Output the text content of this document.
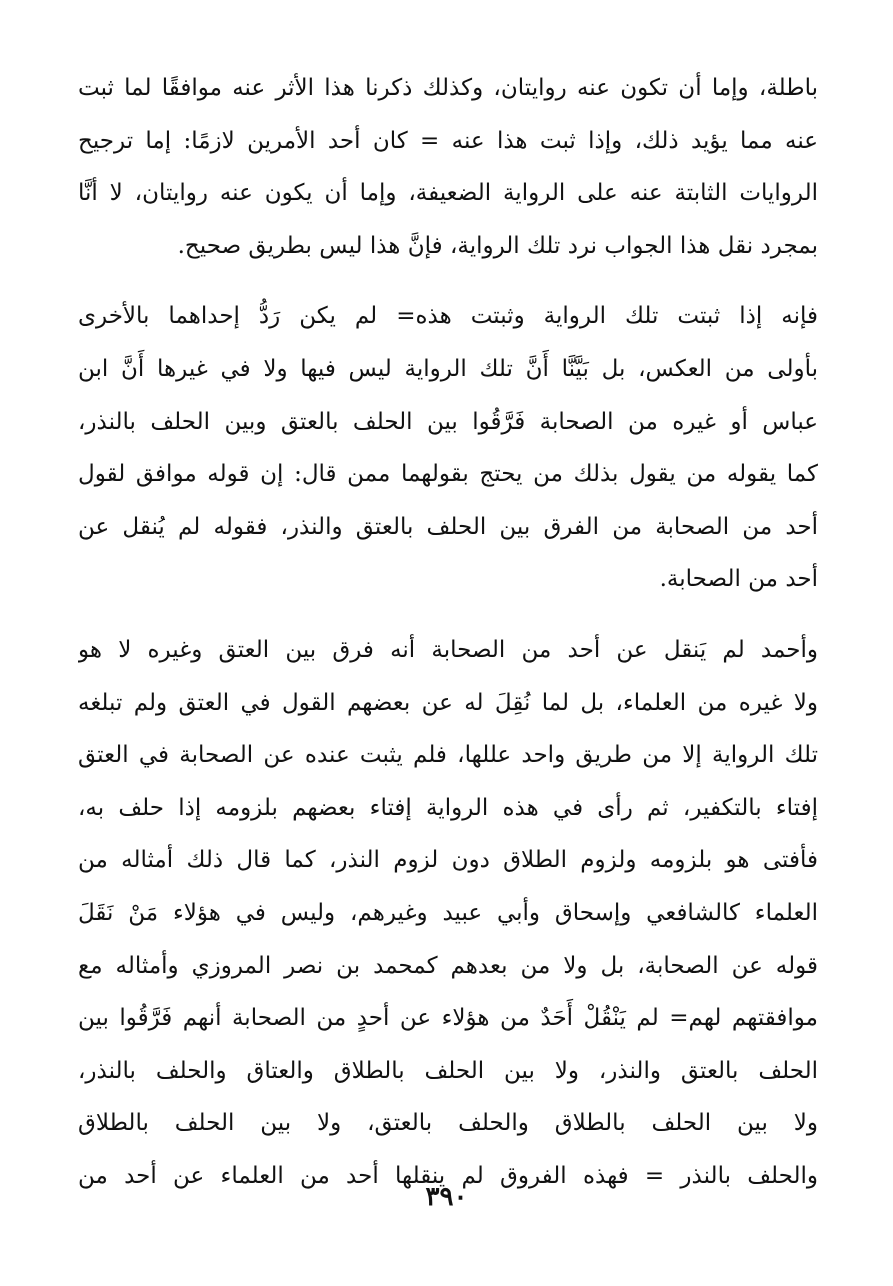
باطلة، وإما أن تكون عنه روايتان، وكذلك ذكرنا هذا الأثر عنه موافقًا لما ثبت
عنه مما يؤيد ذلك، وإذا ثبت هذا عنه = كان أحد الأمرين لازمًا: إما ترجيح
الروايات الثابتة عنه على الرواية الضعيفة، وإما أن يكون عنه روايتان، لا أنَّا
بمجرد نقل هذا الجواب نرد تلك الرواية، فإنَّ هذا ليس بطريق صحيح.
فإنه إذا ثبتت تلك الرواية وثبتت هذه= لم يكن رَدُّ إحداهما بالأخرى
بأولى من العكس، بل بَيَّنَّا أَنَّ تلك الرواية ليس فيها ولا في غيرها أَنَّ ابن
عباس أو غيره من الصحابة فَرَّقُوا بين الحلف بالعتق وبين الحلف بالنذر،
كما يقوله من يقول بذلك من يحتج بقولهما ممن قال: إن قوله موافق لقول
أحد من الصحابة من الفرق بين الحلف بالعتق والنذر، فقوله لم يُنقل عن
أحد من الصحابة.
وأحمد لم يَنقل عن أحد من الصحابة أنه فرق بين العتق وغيره لا هو
ولا غيره من العلماء، بل لما نُقِلَ له عن بعضهم القول في العتق ولم تبلغه
تلك الرواية إلا من طريق واحد عللها، فلم يثبت عنده عن الصحابة في العتق
إفتاء بالتكفير، ثم رأى في هذه الرواية إفتاء بعضهم بلزومه إذا حلف به،
فأفتى هو بلزومه ولزوم الطلاق دون لزوم النذر، كما قال ذلك أمثاله من
العلماء كالشافعي وإسحاق وأبي عبيد وغيرهم، وليس في هؤلاء مَنْ نَقَلَ
قوله عن الصحابة، بل ولا من بعدهم كمحمد بن نصر المروزي وأمثاله مع
موافقتهم لهم= لم يَنْقُلْ أَحَدٌ من هؤلاء عن أحدٍ من الصحابة أنهم فَرَّقُوا بين
الحلف بالعتق والنذر، ولا بين الحلف بالطلاق والعتاق والحلف بالنذر،
ولا بين الحلف بالطلاق والحلف بالعتق، ولا بين الحلف بالطلاق
والحلف بالنذر = فهذه الفروق لم ينقلها أحد من العلماء عن أحد من
٣٩٠
